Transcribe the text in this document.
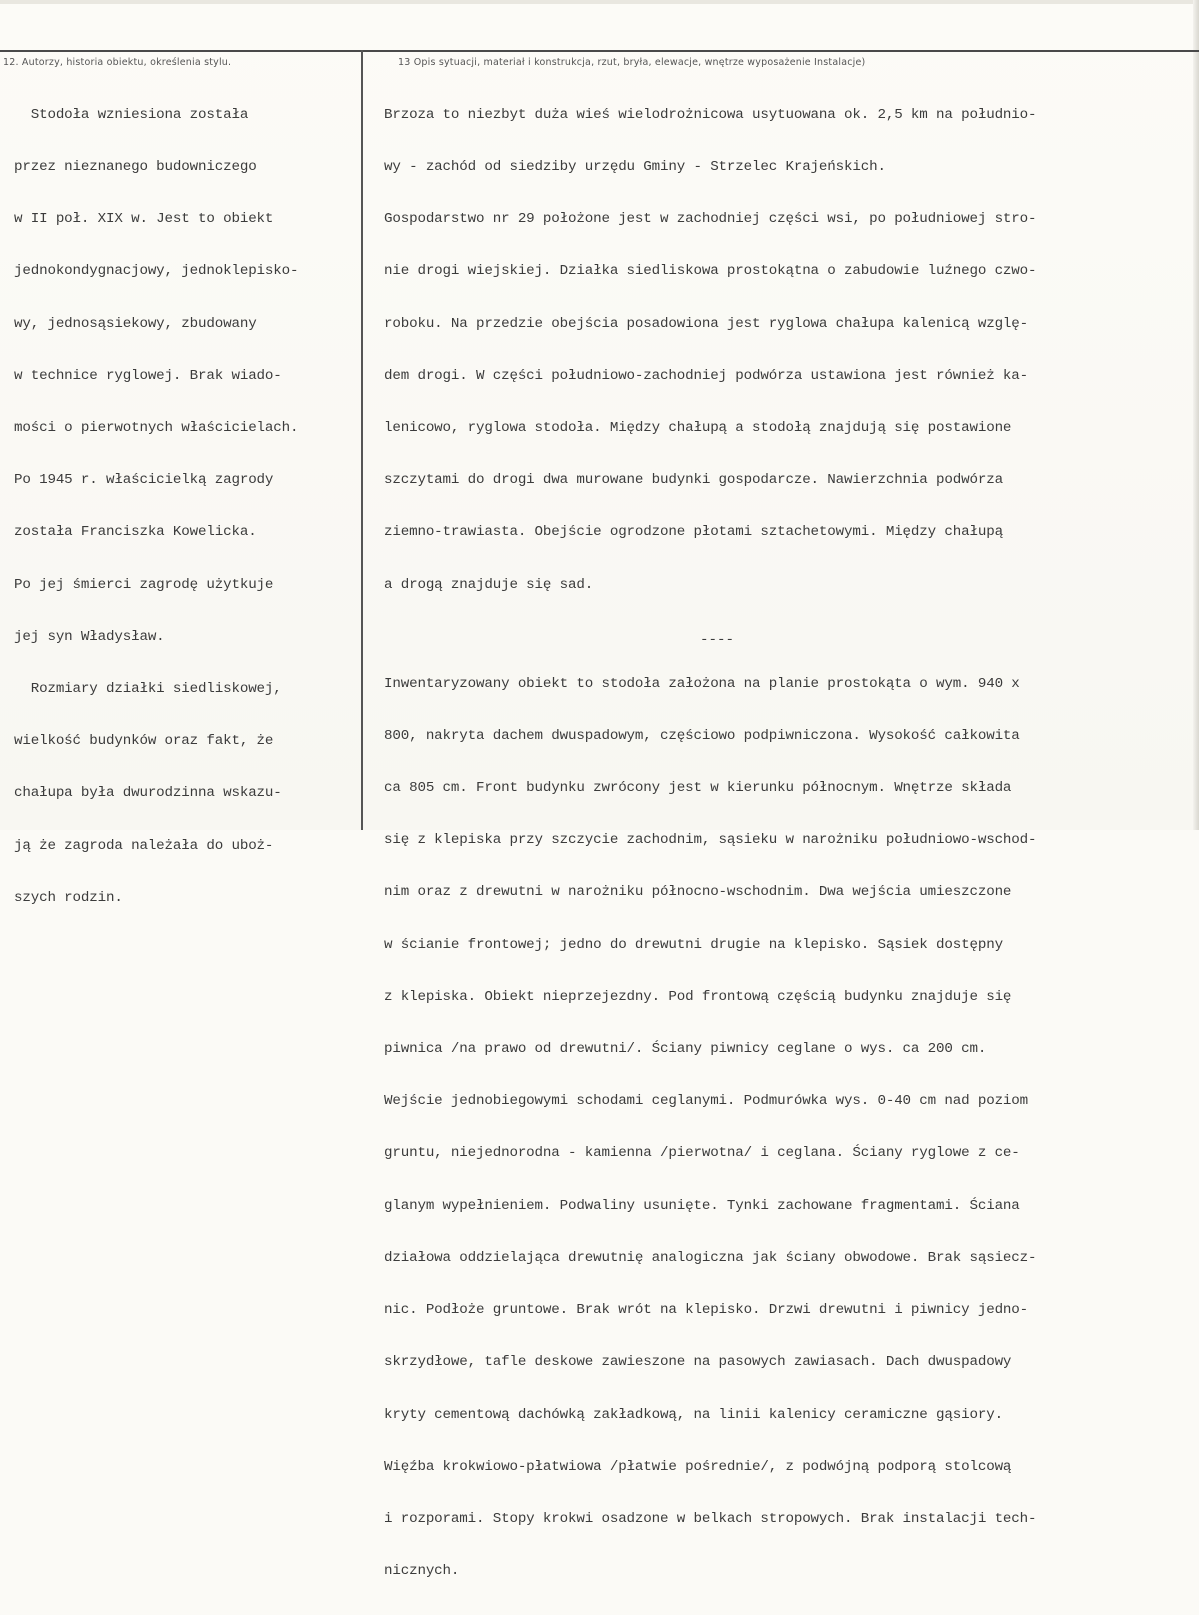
12. Autorzy, historia obiektu, określenia stylu.	13 Opis sytuacji, materiał i konstrukcja, rzut, bryła, elewacje, wnętrze wyposażenie Instalacje)

Stodoła wzniesiona została

przez nieznanego budowniczego

w II poł. XIX w. Jest to obiekt

jednokondygnacjowy, jednoklepisko-

wy, jednosąsiekowy, zbudowany

w technice ryglowej. Brak wiado-

mości o pierwotnych właścicielach.

Po 1945 r. właścicielką zagrody

została Franciszka Kowelicka.

Po jej śmierci zagrodę użytkuje

jej syn Władysław.

Rozmiary działki siedliskowej,

wielkość budynków oraz fakt, że

chałupa była dwurodzinna wskazu-

ją że zagroda należała do uboż-

szych rodzin.

Brzoza to niezbyt duża wieś wielodrożnicowa usytuowana ok. 2,5 km na południo-

wy - zachód od siedziby urzędu Gminy - Strzelec Krajeńskich.

Gospodarstwo nr 29 położone jest w zachodniej części wsi, po południowej stro-

nie drogi wiejskiej. Działka siedliskowa prostokątna o zabudowie luźnego czwo-

roboku. Na przedzie obejścia posadowiona jest ryglowa chałupa kalenicą wzglę-

dem drogi. W części południowo-zachodniej podwórza ustawiona jest również ka-

lenicowo, ryglowa stodoła. Między chałupą a stodołą znajdują się postawione

szczytami do drogi dwa murowane budynki gospodarcze. Nawierzchnia podwórza

ziemno-trawiasta. Obejście ogrodzone płotami sztachetowymi. Między chałupą

a drogą znajduje się sad.

----

Inwentaryzowany obiekt to stodoła założona na planie prostokąta o wym. 940 x

800, nakryta dachem dwuspadowym, częściowo podpiwniczona. Wysokość całkowita

ca 805 cm. Front budynku zwrócony jest w kierunku północnym. Wnętrze składa

się z klepiska przy szczycie zachodnim, sąsieku w narożniku południowo-wschod-

nim oraz z drewutni w narożniku północno-wschodnim. Dwa wejścia umieszczone

w ścianie frontowej; jedno do drewutni drugie na klepisko. Sąsiek dostępny

z klepiska. Obiekt nieprzejezdny. Pod frontową częścią budynku znajduje się

piwnica /na prawo od drewutni/. Ściany piwnicy ceglane o wys. ca 200 cm.

Wejście jednobiegowymi schodami ceglanymi. Podmurówka wys. 0-40 cm nad poziom

gruntu, niejednorodna - kamienna /pierwotna/ i ceglana. Ściany ryglowe z ce-

glanym wypełnieniem. Podwaliny usunięte. Tynki zachowane fragmentami. Ściana

działowa oddzielająca drewutnię analogiczna jak ściany obwodowe. Brak sąsiecz-

nic. Podłoże gruntowe. Brak wrót na klepisko. Drzwi drewutni i piwnicy jedno-

skrzydłowe, tafle deskowe zawieszone na pasowych zawiasach. Dach dwuspadowy

kryty cementową dachówką zakładkową, na linii kalenicy ceramiczne gąsiory.

Więźba krokwiowo-płatwiowa /płatwie pośrednie/, z podwójną podporą stolcową

i rozporami. Stopy krokwi osadzone w belkach stropowych. Brak instalacji tech-

nicznych.
